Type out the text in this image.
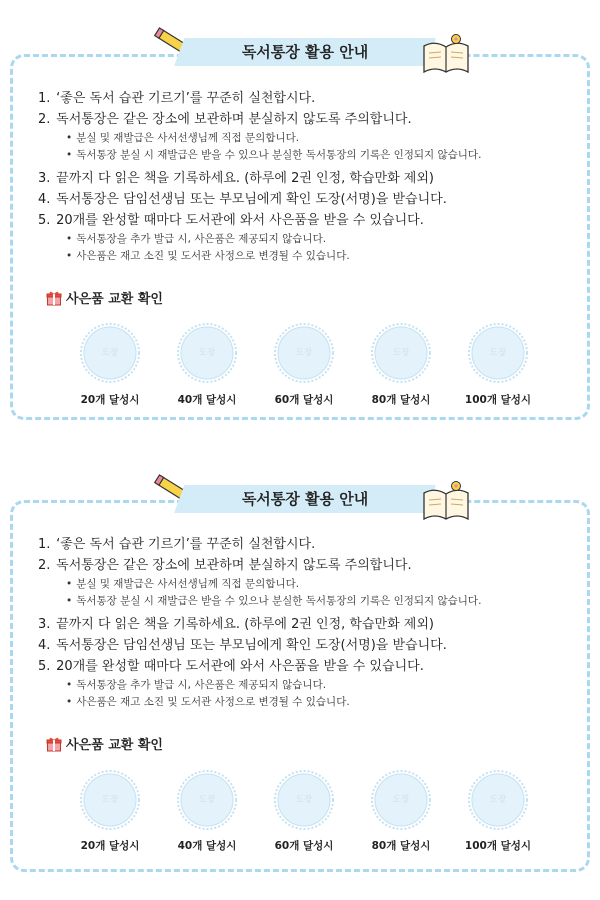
독서통장 활용 안내
1. ‘좋은 독서 습관 기르기’를 꾸준히 실천합시다.
2. 독서통장은 같은 장소에 보관하며 분실하지 않도록 주의합니다.
• 분실 및 재발급은 사서선생님께 직접 문의합니다.
• 독서통장 분실 시 재발급은 받을 수 있으나 분실한 독서통장의 기록은 인정되지 않습니다.
3. 끝까지 다 읽은 책을 기록하세요. (하루에 2권 인정, 학습만화 제외)
4. 독서통장은 담임선생님 또는 부모님에게 확인 도장(서명)을 받습니다.
5. 20개를 완성할 때마다 도서관에 와서 사은품을 받을 수 있습니다.
• 독서통장을 추가 발급 시, 사은품은 제공되지 않습니다.
• 사은품은 재고 소진 및 도서관 사정으로 변경될 수 있습니다.
사은품 교환 확인
도장
20개 달성시
도장
40개 달성시
도장
60개 달성시
도장
80개 달성시
도장
100개 달성시
독서통장 활용 안내
1. ‘좋은 독서 습관 기르기’를 꾸준히 실천합시다.
2. 독서통장은 같은 장소에 보관하며 분실하지 않도록 주의합니다.
• 분실 및 재발급은 사서선생님께 직접 문의합니다.
• 독서통장 분실 시 재발급은 받을 수 있으나 분실한 독서통장의 기록은 인정되지 않습니다.
3. 끝까지 다 읽은 책을 기록하세요. (하루에 2권 인정, 학습만화 제외)
4. 독서통장은 담임선생님 또는 부모님에게 확인 도장(서명)을 받습니다.
5. 20개를 완성할 때마다 도서관에 와서 사은품을 받을 수 있습니다.
• 독서통장을 추가 발급 시, 사은품은 제공되지 않습니다.
• 사은품은 재고 소진 및 도서관 사정으로 변경될 수 있습니다.
사은품 교환 확인
도장
20개 달성시
도장
40개 달성시
도장
60개 달성시
도장
80개 달성시
도장
100개 달성시
